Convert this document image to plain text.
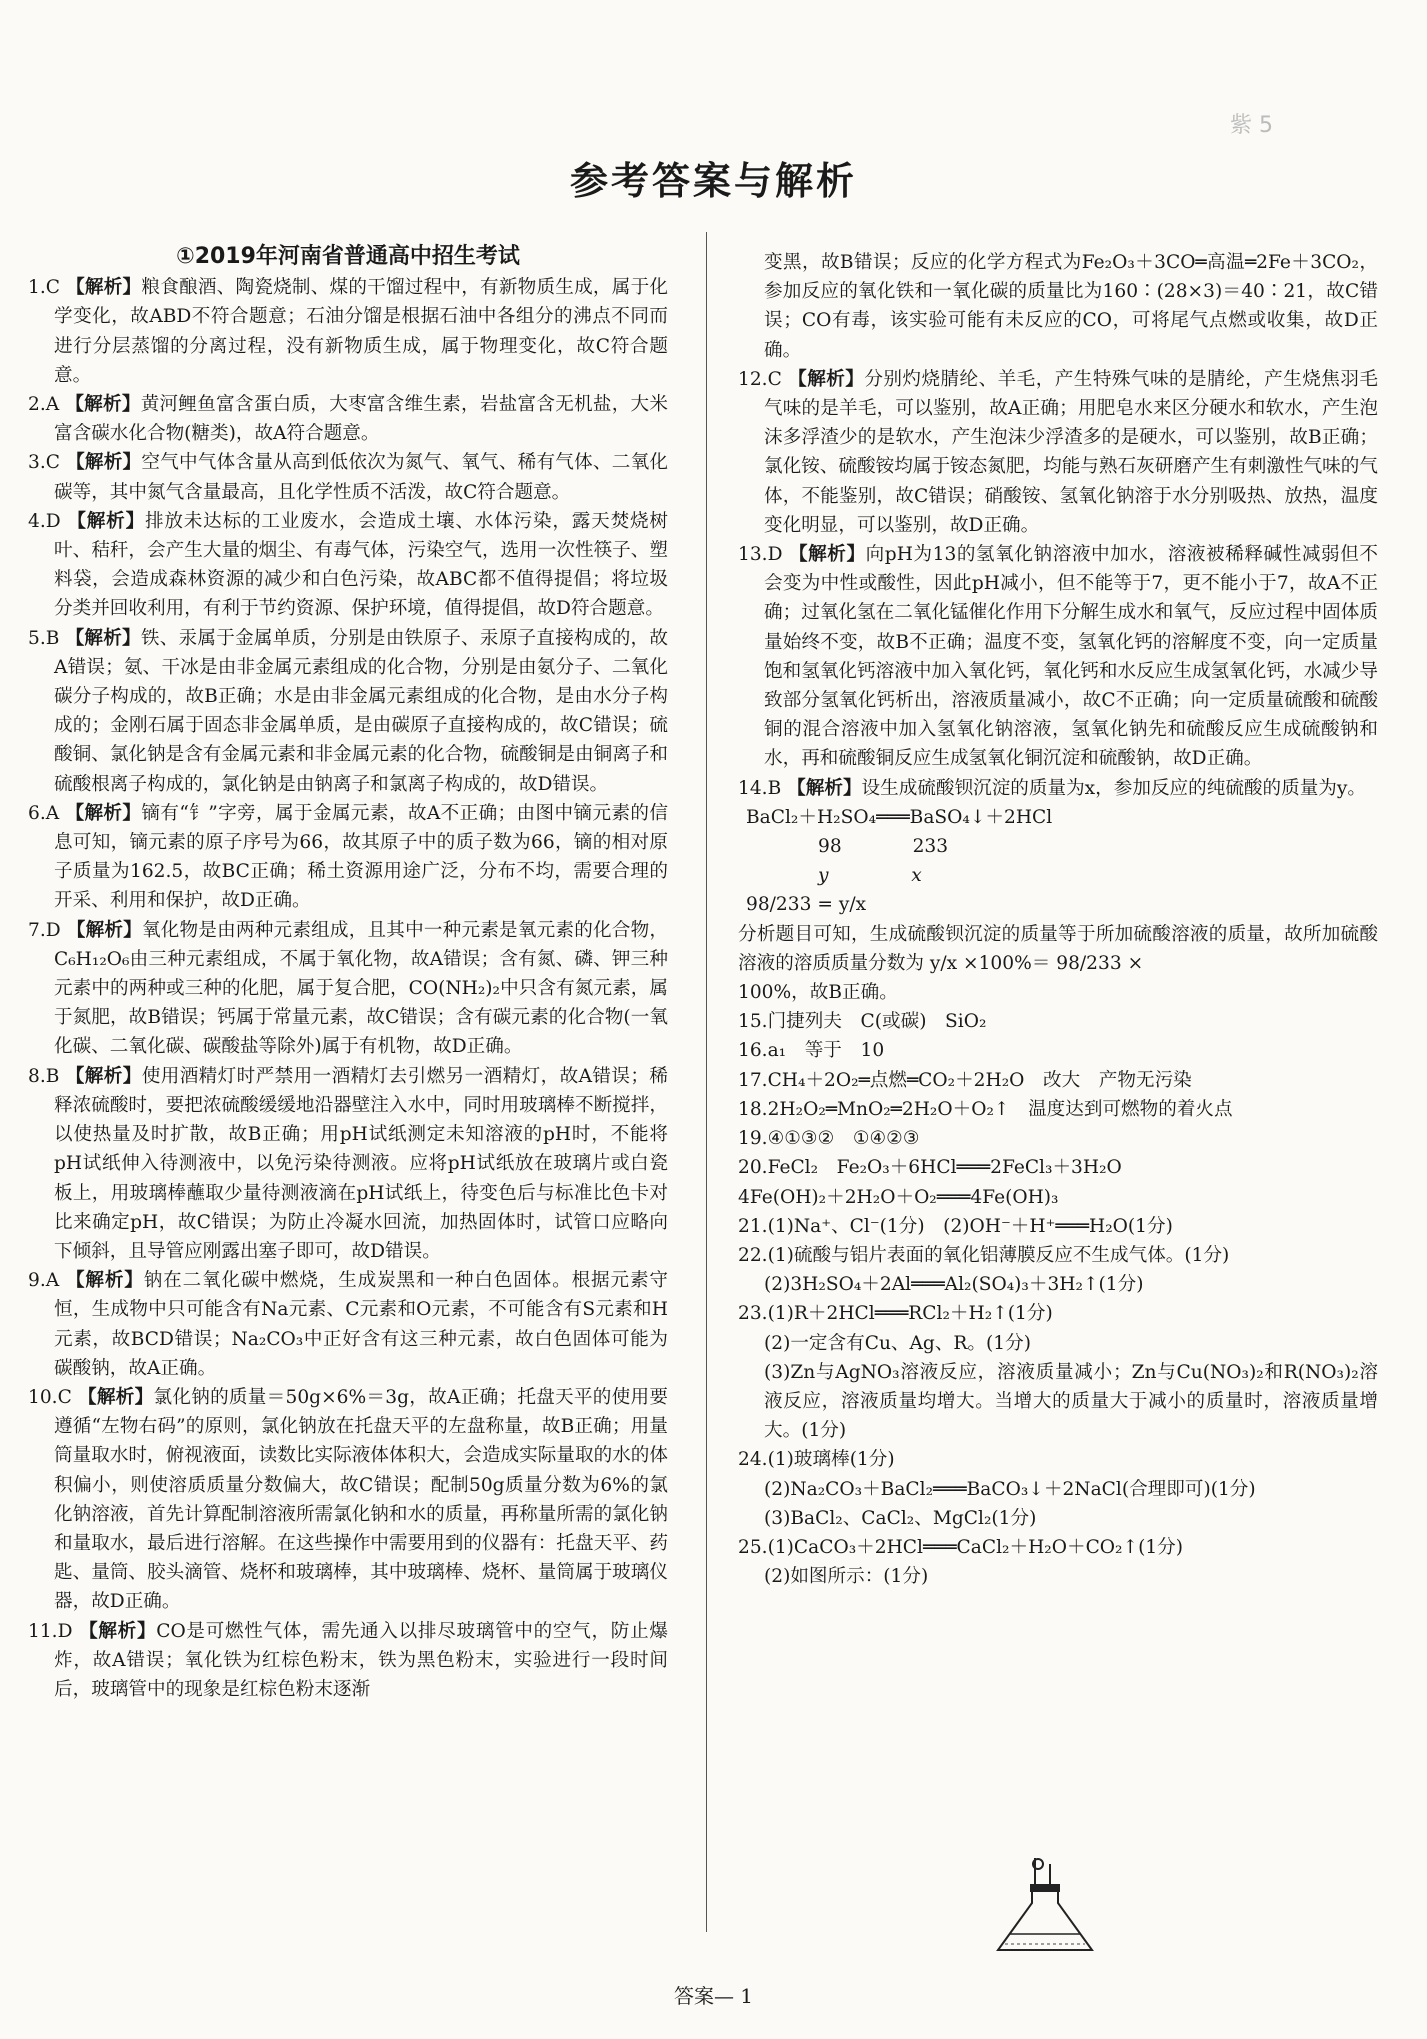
紫 5
参考答案与解析
①2019年河南省普通高中招生考试

1.C 【解析】粮食酿酒、陶瓷烧制、煤的干馏过程中，有新物质生成，属于化学变化，故ABD不符合题意；石油分馏是根据石油中各组分的沸点不同而进行分层蒸馏的分离过程，没有新物质生成，属于物理变化，故C符合题意。

2.A 【解析】黄河鲤鱼富含蛋白质，大枣富含维生素，岩盐富含无机盐，大米富含碳水化合物(糖类)，故A符合题意。

3.C 【解析】空气中气体含量从高到低依次为氮气、氧气、稀有气体、二氧化碳等，其中氮气含量最高，且化学性质不活泼，故C符合题意。

4.D 【解析】排放未达标的工业废水，会造成土壤、水体污染，露天焚烧树叶、秸秆，会产生大量的烟尘、有毒气体，污染空气，选用一次性筷子、塑料袋，会造成森林资源的减少和白色污染，故ABC都不值得提倡；将垃圾分类并回收利用，有利于节约资源、保护环境，值得提倡，故D符合题意。

5.B 【解析】铁、汞属于金属单质，分别是由铁原子、汞原子直接构成的，故A错误；氨、干冰是由非金属元素组成的化合物，分别是由氨分子、二氧化碳分子构成的，故B正确；水是由非金属元素组成的化合物，是由水分子构成的；金刚石属于固态非金属单质，是由碳原子直接构成的，故C错误；硫酸铜、氯化钠是含有金属元素和非金属元素的化合物，硫酸铜是由铜离子和硫酸根离子构成的，氯化钠是由钠离子和氯离子构成的，故D错误。

6.A 【解析】镝有“钅”字旁，属于金属元素，故A不正确；由图中镝元素的信息可知，镝元素的原子序号为66，故其原子中的质子数为66，镝的相对原子质量为162.5，故BC正确；稀土资源用途广泛，分布不均，需要合理的开采、利用和保护，故D正确。

7.D 【解析】氧化物是由两种元素组成，且其中一种元素是氧元素的化合物，C₆H₁₂O₆由三种元素组成，不属于氧化物，故A错误；含有氮、磷、钾三种元素中的两种或三种的化肥，属于复合肥，CO(NH₂)₂中只含有氮元素，属于氮肥，故B错误；钙属于常量元素，故C错误；含有碳元素的化合物(一氧化碳、二氧化碳、碳酸盐等除外)属于有机物，故D正确。

8.B 【解析】使用酒精灯时严禁用一酒精灯去引燃另一酒精灯，故A错误；稀释浓硫酸时，要把浓硫酸缓缓地沿器壁注入水中，同时用玻璃棒不断搅拌，以使热量及时扩散，故B正确；用pH试纸测定未知溶液的pH时，不能将pH试纸伸入待测液中，以免污染待测液。应将pH试纸放在玻璃片或白瓷板上，用玻璃棒蘸取少量待测液滴在pH试纸上，待变色后与标准比色卡对比来确定pH，故C错误；为防止冷凝水回流，加热固体时，试管口应略向下倾斜，且导管应刚露出塞子即可，故D错误。

9.A 【解析】钠在二氧化碳中燃烧，生成炭黑和一种白色固体。根据元素守恒，生成物中只可能含有Na元素、C元素和O元素，不可能含有S元素和H元素，故BCD错误；Na₂CO₃中正好含有这三种元素，故白色固体可能为碳酸钠，故A正确。

10.C 【解析】氯化钠的质量＝50g×6%＝3g，故A正确；托盘天平的使用要遵循“左物右码”的原则，氯化钠放在托盘天平的左盘称量，故B正确；用量筒量取水时，俯视液面，读数比实际液体体积大，会造成实际量取的水的体积偏小，则使溶质质量分数偏大，故C错误；配制50g质量分数为6%的氯化钠溶液，首先计算配制溶液所需氯化钠和水的质量，再称量所需的氯化钠和量取水，最后进行溶解。在这些操作中需要用到的仪器有：托盘天平、药匙、量筒、胶头滴管、烧杯和玻璃棒，其中玻璃棒、烧杯、量筒属于玻璃仪器，故D正确。

11.D 【解析】CO是可燃性气体，需先通入以排尽玻璃管中的空气，防止爆炸，故A错误；氧化铁为红棕色粉末，铁为黑色粉末，实验进行一段时间后，玻璃管中的现象是红棕色粉末逐渐

变黑，故B错误；反应的化学方程式为Fe₂O₃＋3CO═高温═2Fe＋3CO₂，参加反应的氧化铁和一氧化碳的质量比为160∶(28×3)＝40∶21，故C错误；CO有毒，该实验可能有未反应的CO，可将尾气点燃或收集，故D正确。

12.C 【解析】分别灼烧腈纶、羊毛，产生特殊气味的是腈纶，产生烧焦羽毛气味的是羊毛，可以鉴别，故A正确；用肥皂水来区分硬水和软水，产生泡沫多浮渣少的是软水，产生泡沫少浮渣多的是硬水，可以鉴别，故B正确；氯化铵、硫酸铵均属于铵态氮肥，均能与熟石灰研磨产生有刺激性气味的气体，不能鉴别，故C错误；硝酸铵、氢氧化钠溶于水分别吸热、放热，温度变化明显，可以鉴别，故D正确。

13.D 【解析】向pH为13的氢氧化钠溶液中加水，溶液被稀释碱性减弱但不会变为中性或酸性，因此pH减小，但不能等于7，更不能小于7，故A不正确；过氧化氢在二氧化锰催化作用下分解生成水和氧气，反应过程中固体质量始终不变，故B不正确；温度不变，氢氧化钙的溶解度不变，向一定质量饱和氢氧化钙溶液中加入氧化钙，氧化钙和水反应生成氢氧化钙，水减少导致部分氢氧化钙析出，溶液质量减小，故C不正确；向一定质量硫酸和硫酸铜的混合溶液中加入氢氧化钠溶液，氢氧化钠先和硫酸反应生成硫酸钠和水，再和硫酸铜反应生成氢氧化铜沉淀和硫酸钠，故D正确。

14.B 【解析】设生成硫酸钡沉淀的质量为x，参加反应的纯硫酸的质量为y。

BaCl₂＋H₂SO₄═══BaSO₄↓＋2HCl

98            233

y              x

98/233 = y/x

分析题目可知，生成硫酸钡沉淀的质量等于所加硫酸溶液的质量，故所加硫酸溶液的溶质质量分数为 y/x ×100%＝ 98/233 ×

100%，故B正确。

15.门捷列夫　C(或碳)　SiO₂

16.a₁　等于　10

17.CH₄＋2O₂═点燃═CO₂＋2H₂O　改大　产物无污染

18.2H₂O₂═MnO₂═2H₂O＋O₂↑　温度达到可燃物的着火点

19.④①③②　①④②③

20.FeCl₂　Fe₂O₃＋6HCl═══2FeCl₃＋3H₂O

4Fe(OH)₂＋2H₂O＋O₂═══4Fe(OH)₃

21.(1)Na⁺、Cl⁻(1分)　(2)OH⁻＋H⁺═══H₂O(1分)

22.(1)硫酸与铝片表面的氧化铝薄膜反应不生成气体。(1分)

(2)3H₂SO₄＋2Al═══Al₂(SO₄)₃＋3H₂↑(1分)

23.(1)R＋2HCl═══RCl₂＋H₂↑(1分)

(2)一定含有Cu、Ag、R。(1分)

(3)Zn与AgNO₃溶液反应，溶液质量减小；Zn与Cu(NO₃)₂和R(NO₃)₂溶液反应，溶液质量均增大。当增大的质量大于减小的质量时，溶液质量增大。(1分)

24.(1)玻璃棒(1分)

(2)Na₂CO₃＋BaCl₂═══BaCO₃↓＋2NaCl(合理即可)(1分)

(3)BaCl₂、CaCl₂、MgCl₂(1分)

25.(1)CaCO₃＋2HCl═══CaCl₂＋H₂O＋CO₂↑(1分)

(2)如图所示：(1分)

答案— 1
